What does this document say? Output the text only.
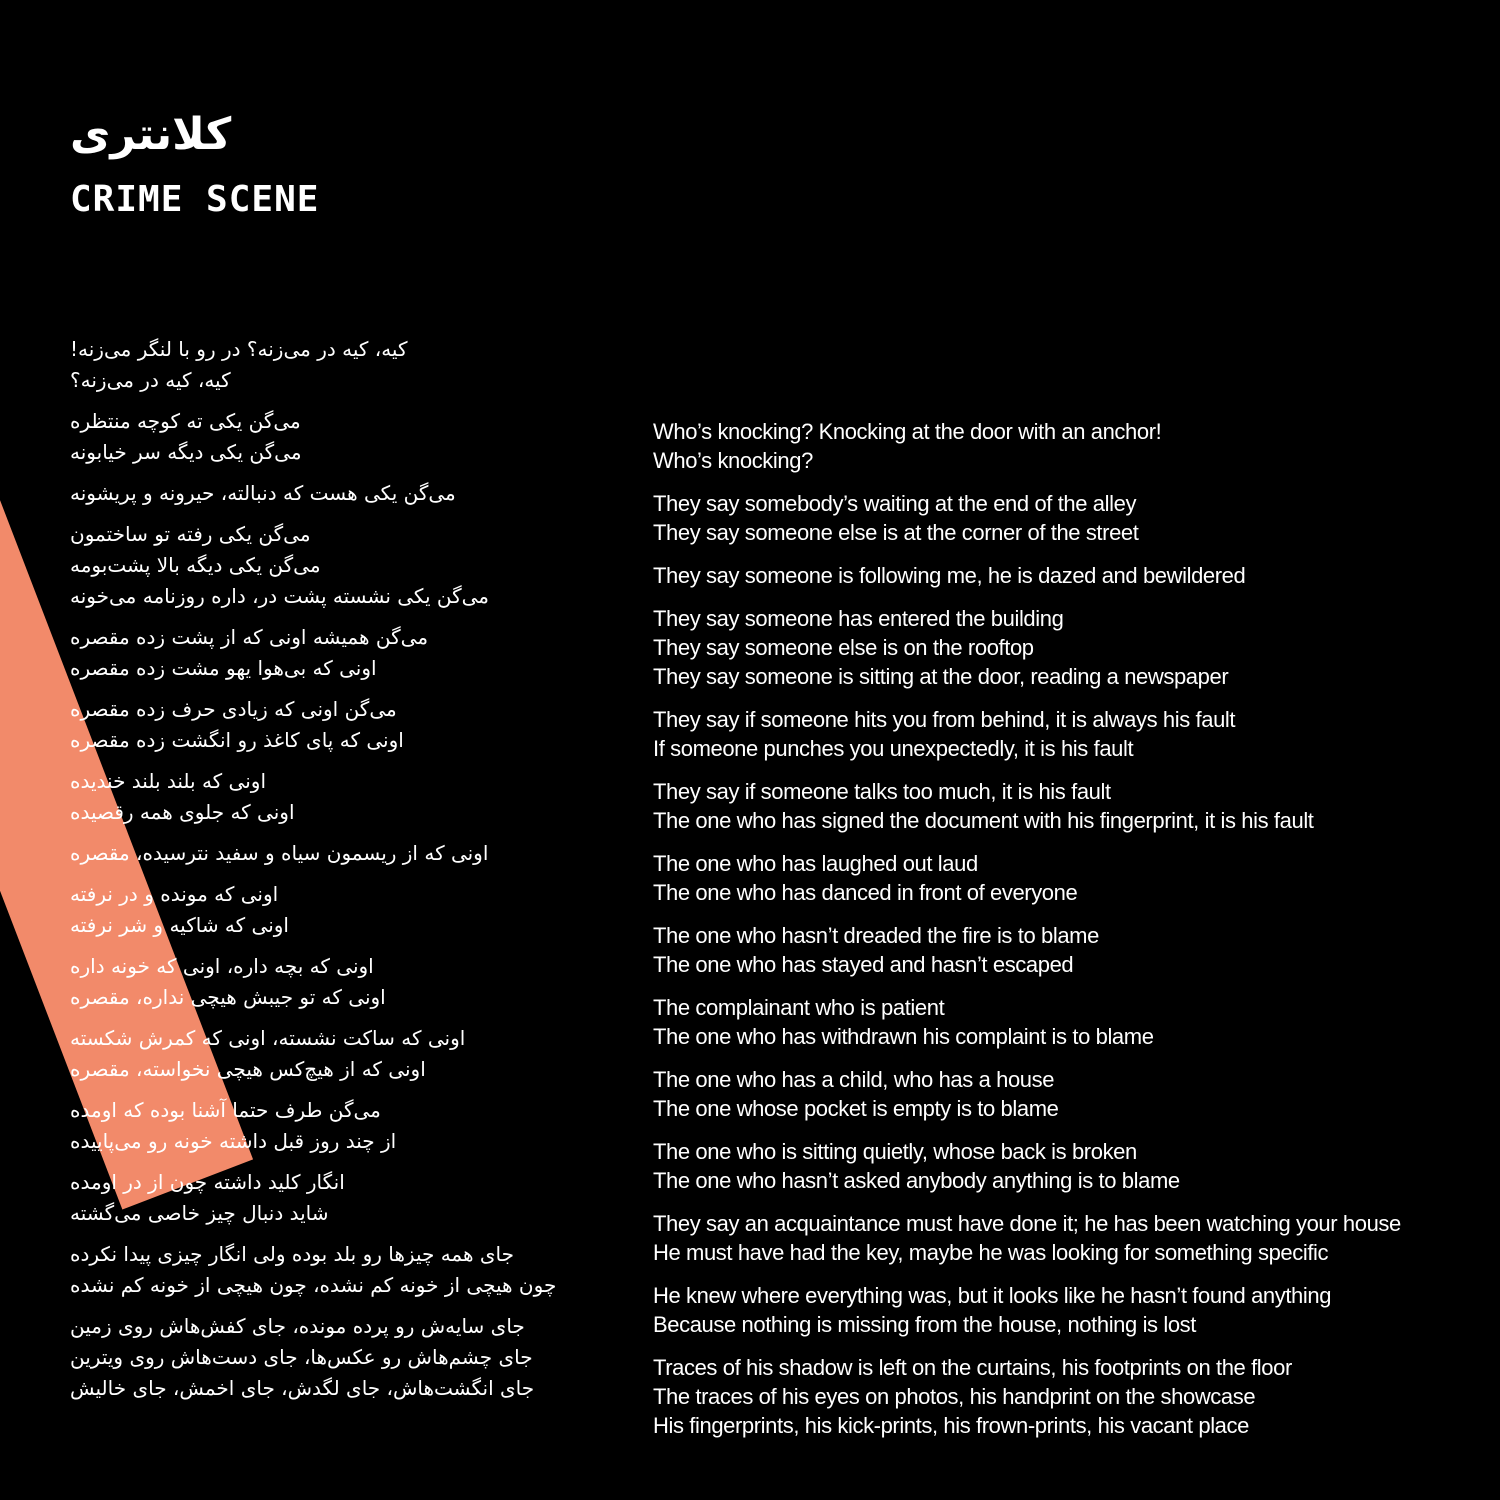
کلانتری
CRIME SCENE
کیه، کیه در می‌زنه؟ در رو با لنگر می‌زنه!
کیه، کیه در می‌زنه؟
می‌گن یکی ته کوچه منتظره
می‌گن یکی دیگه سر خیابونه
می‌گن یکی هست که دنبالته، حیرونه و پریشونه
می‌گن یکی رفته تو ساختمون
می‌گن یکی دیگه بالا پشت‌بومه
می‌گن یکی نشسته پشت در، داره روزنامه می‌خونه
می‌گن همیشه اونی که از پشت زده مقصره
اونی که بی‌هوا یهو مشت زده مقصره
می‌گن اونی که زیادی حرف زده مقصره
اونی که پای کاغذ رو انگشت زده مقصره
اونی که بلند بلند خندیده
اونی که جلوی همه رقصیده
اونی که از ریسمون سیاه و سفید نترسیده، مقصره
اونی که مونده و در نرفته
اونی که شاکیه و شر نرفته
اونی که بچه داره، اونی که خونه داره
اونی که تو جیبش هیچی نداره، مقصره
اونی که ساکت نشسته، اونی که کمرش شکسته
اونی که از هیچ‌کس هیچی نخواسته، مقصره
می‌گن طرف حتما آشنا بوده که اومده
از چند روز قبل داشته خونه رو می‌پاییده
انگار کلید داشته چون از در اومده
شاید دنبال چیز خاصی می‌گشته
جای همه چیزها رو بلد بوده ولی انگار چیزی پیدا نکرده
چون هیچی از خونه کم نشده، چون هیچی از خونه کم نشده
جای سایه‌ش رو پرده مونده، جای کفش‌هاش روی زمین
جای چشم‌هاش رو عکس‌ها، جای دست‌هاش روی ویترین
جای انگشت‌هاش، جای لگدش، جای اخمش، جای خالیش
Who’s knocking? Knocking at the door with an anchor!
Who’s knocking?
They say somebody’s waiting at the end of the alley
They say someone else is at the corner of the street
They say someone is following me, he is dazed and bewildered
They say someone has entered the building
They say someone else is on the rooftop
They say someone is sitting at the door, reading a newspaper
They say if someone hits you from behind, it is always his fault
If someone punches you unexpectedly, it is his fault
They say if someone talks too much, it is his fault
The one who has signed the document with his fingerprint, it is his fault
The one who has laughed out laud
The one who has danced in front of everyone
The one who hasn’t dreaded the fire is to blame
The one who has stayed and hasn’t escaped
The complainant who is patient
The one who has withdrawn his complaint is to blame
The one who has a child, who has a house
The one whose pocket is empty is to blame
The one who is sitting quietly, whose back is broken
The one who hasn’t asked anybody anything is to blame
They say an acquaintance must have done it; he has been watching your house
He must have had the key, maybe he was looking for something specific
He knew where everything was, but it looks like he hasn’t found anything
Because nothing is missing from the house, nothing is lost
Traces of his shadow is left on the curtains, his footprints on the floor
The traces of his eyes on photos, his handprint on the showcase
His fingerprints, his kick-prints, his frown-prints, his vacant place
